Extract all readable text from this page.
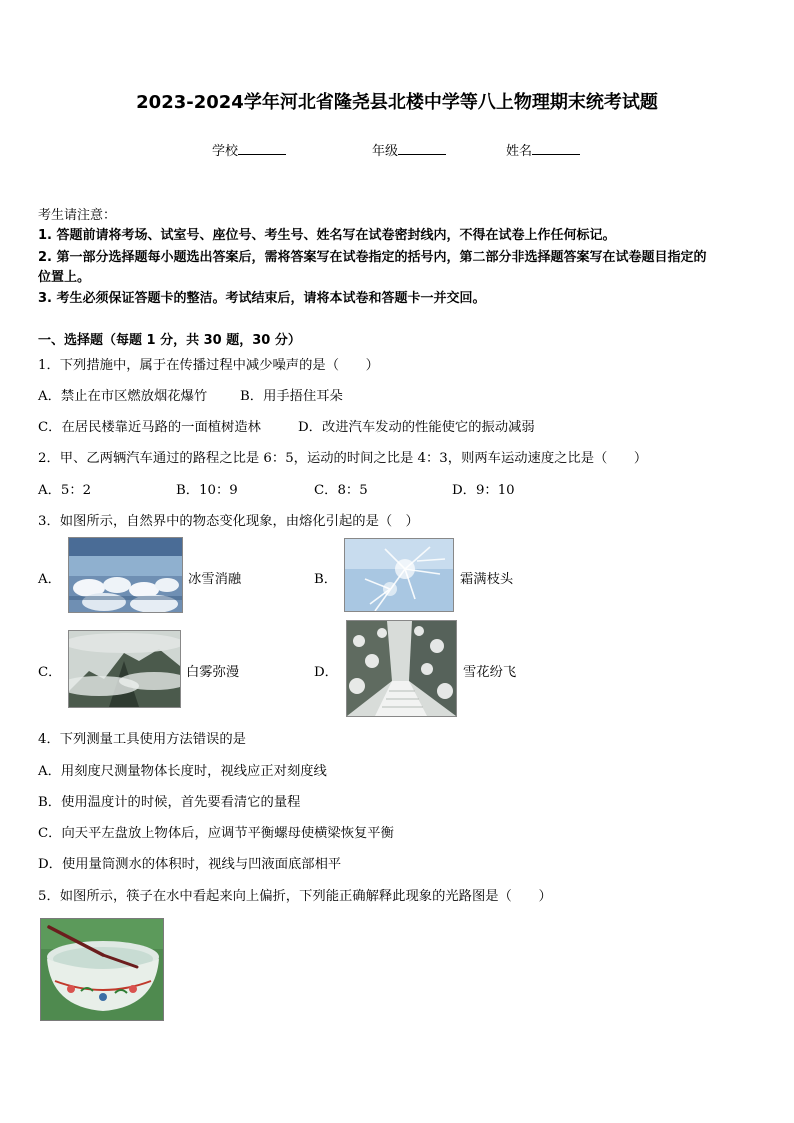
2023-2024学年河北省隆尧县北楼中学等八上物理期末统考试题
学校	年级	姓名
考生请注意：
1. 答题前请将考场、试室号、座位号、考生号、姓名写在试卷密封线内，不得在试卷上作任何标记。
2. 第一部分选择题每小题选出答案后，需将答案写在试卷指定的括号内，第二部分非选择题答案写在试卷题目指定的
位置上。
3. 考生必须保证答题卡的整洁。考试结束后，请将本试卷和答题卡一并交回。
一、选择题（每题 1 分，共 30 题，30 分）
1．下列措施中，属于在传播过程中减少噪声的是（　　）
A．禁止在市区燃放烟花爆竹 B．用手捂住耳朵
C．在居民楼靠近马路的一面植树造林	D．改进汽车发动的性能使它的振动减弱
2．甲、乙两辆汽车通过的路程之比是 6：5，运动的时间之比是 4：3，则两车运动速度之比是（　　）
A．5：2	B．10：9	C．8：5	D．9：10
3．如图所示，自然界中的物态变化现象，由熔化引起的是（　）
A．	冰雪消融	B．	霜满枝头
C．	白雾弥漫	D．	雪花纷飞
4．下列测量工具使用方法错误的是
A．用刻度尺测量物体长度时，视线应正对刻度线
B．使用温度计的时候，首先要看清它的量程
C．向天平左盘放上物体后，应调节平衡螺母使横梁恢复平衡
D．使用量筒测水的体积时，视线与凹液面底部相平
5．如图所示，筷子在水中看起来向上偏折，下列能正确解释此现象的光路图是（　　）
